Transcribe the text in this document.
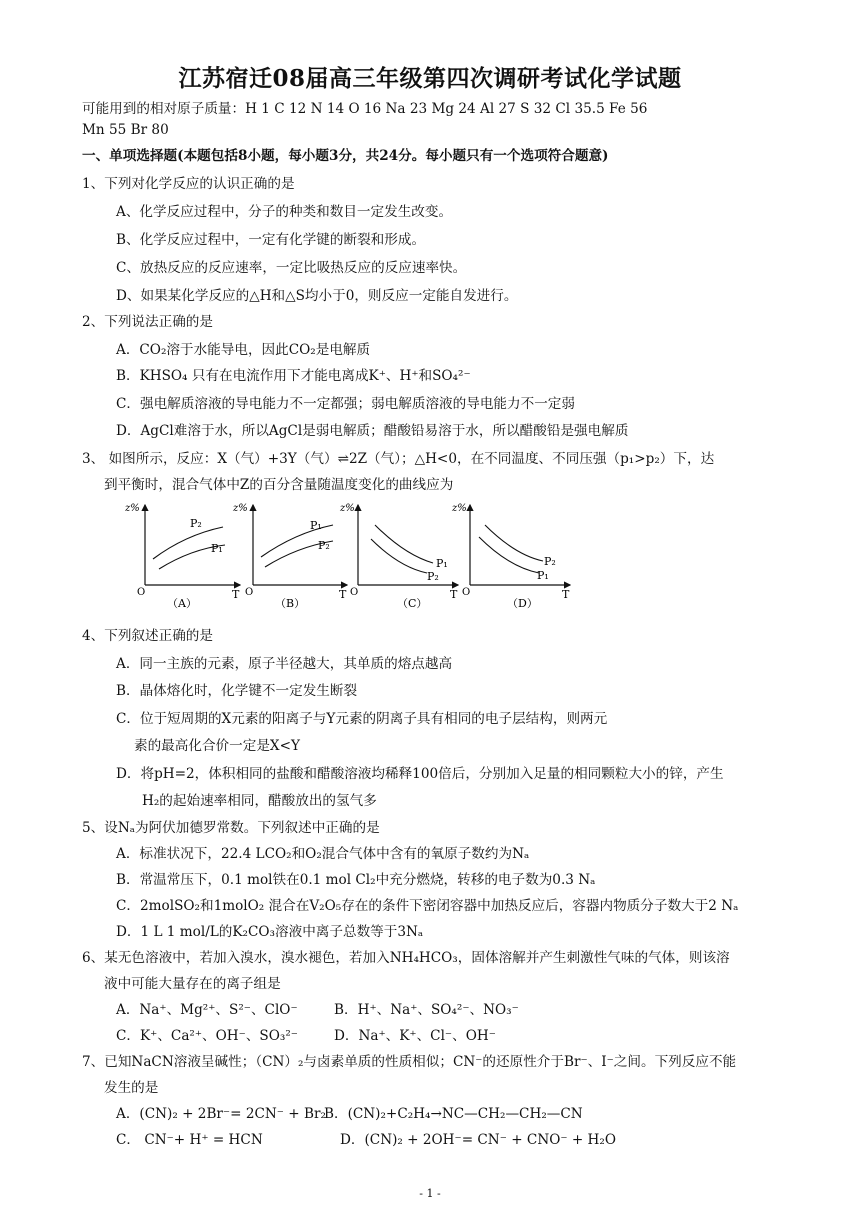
江苏宿迁08届高三年级第四次调研考试化学试题
可能用到的相对原子质量：H 1 C 12 N 14 O 16 Na 23 Mg 24 Al 27 S 32 Cl 35.5 Fe 56
Mn 55 Br 80
一、单项选择题(本题包括8小题，每小题3分，共24分。每小题只有一个选项符合题意)
1、下列对化学反应的认识正确的是
A、化学反应过程中，分子的种类和数目一定发生改变。
B、化学反应过程中，一定有化学键的断裂和形成。
C、放热反应的反应速率，一定比吸热反应的反应速率快。
D、如果某化学反应的△H和△S均小于0，则反应一定能自发进行。
2、下列说法正确的是
A．CO₂溶于水能导电，因此CO₂是电解质
B．KHSO₄ 只有在电流作用下才能电离成K⁺、H⁺和SO₄²⁻
C．强电解质溶液的导电能力不一定都强；弱电解质溶液的导电能力不一定弱
D．AgCl难溶于水，所以AgCl是弱电解质；醋酸铅易溶于水，所以醋酸铅是强电解质
3、 如图所示，反应：X（气）+3Y（气）⇌2Z（气）；△H<0，在不同温度、不同压强（p₁>p₂）下，达
到平衡时，混合气体中Z的百分含量随温度变化的曲线应为
z%
O	T
P₂
P₁
（A）
z%
O	T
P₁
P₂
（B）
z%
O	T
P₁
P₂
（C）
z%
O	T
P₂
P₁
（D）
4、下列叙述正确的是
A．同一主族的元素，原子半径越大，其单质的熔点越高
B．晶体熔化时，化学键不一定发生断裂
C．位于短周期的X元素的阳离子与Y元素的阴离子具有相同的电子层结构，则两元
素的最高化合价一定是X<Y
D．将pH=2，体积相同的盐酸和醋酸溶液均稀释100倍后，分别加入足量的相同颗粒大小的锌，产生
H₂的起始速率相同，醋酸放出的氢气多
5、设Nₐ为阿伏加德罗常数。下列叙述中正确的是
A．标准状况下，22.4 LCO₂和O₂混合气体中含有的氧原子数约为Nₐ
B．常温常压下，0.1 mol铁在0.1 mol Cl₂中充分燃烧，转移的电子数为0.3 Nₐ
C．2molSO₂和1molO₂ 混合在V₂O₅存在的条件下密闭容器中加热反应后，容器内物质分子数大于2 Nₐ
D．1 L 1 mol/L的K₂CO₃溶液中离子总数等于3Nₐ
6、某无色溶液中，若加入溴水，溴水褪色，若加入NH₄HCO₃，固体溶解并产生刺激性气味的气体，则该溶
液中可能大量存在的离子组是
A．Na⁺、Mg²⁺、S²⁻、ClO⁻	B．H⁺、Na⁺、SO₄²⁻、NO₃⁻
C．K⁺、Ca²⁺、OH⁻、SO₃²⁻	D．Na⁺、K⁺、Cl⁻、OH⁻
7、已知NaCN溶液呈碱性；（CN）₂与卤素单质的性质相似；CN⁻的还原性介于Br⁻、I⁻之间。下列反应不能
发生的是
A．(CN)₂ + 2Br⁻= 2CN⁻ + Br₂
B．(CN)₂+C₂H₄→NC—CH₂—CH₂—CN
C． CN⁻+ H⁺ = HCN	D．(CN)₂ + 2OH⁻= CN⁻ + CNO⁻ + H₂O
- 1 -
